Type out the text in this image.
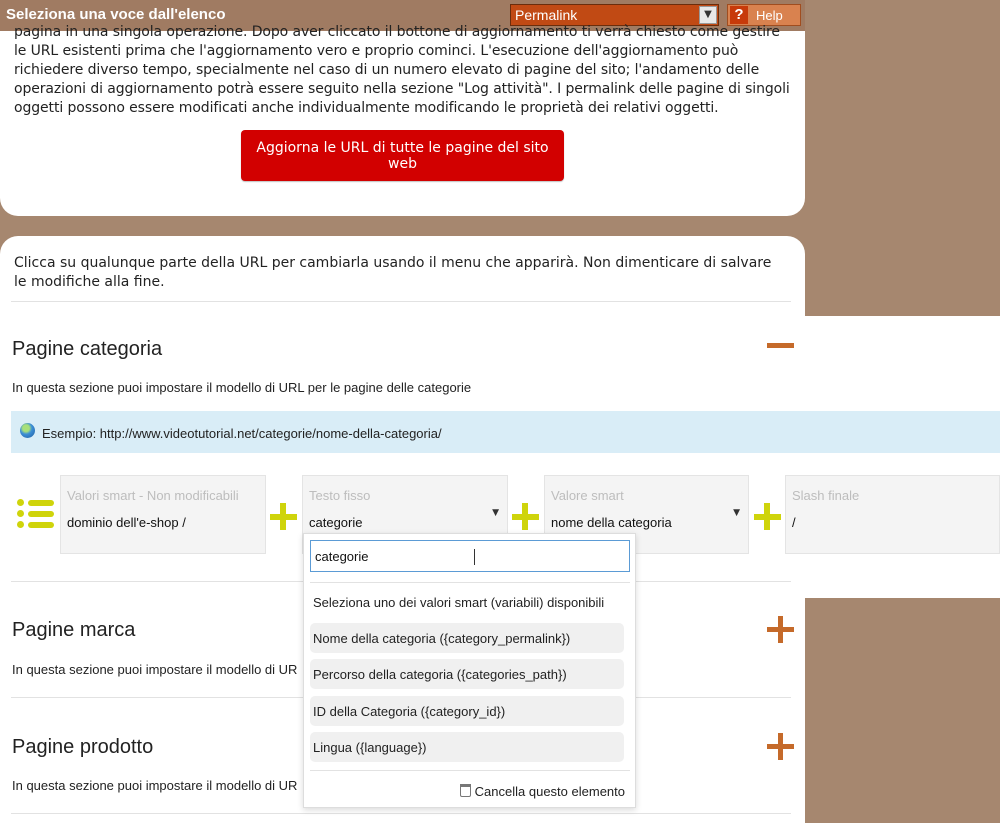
Seleziona una voce dall'elenco	Permalink	▼	? Help
pagina in una singola operazione. Dopo aver cliccato il bottone di aggiornamento ti verrà chiesto come gestire le URL esistenti prima che l'aggiornamento vero e proprio cominci. L'esecuzione dell'aggiornamento può richiedere diverso tempo, specialmente nel caso di un numero elevato di pagine del sito; l'andamento delle operazioni di aggiornamento potrà essere seguito nella sezione "Log attività". I permalink delle pagine di singoli oggetti possono essere modificati anche individualmente modificando le proprietà dei relativi oggetti.
Aggiorna le URL di tutte le pagine del sito web
Clicca su qualunque parte della URL per cambiarla usando il menu che apparirà. Non dimenticare di salvare le modifiche alla fine.
Pagine categoria
In questa sezione puoi impostare il modello di URL per le pagine delle categorie
Esempio: http://www.videotutorial.net/categorie/nome-della-categoria/
Valori smart - Non modificabili
dominio dell'e-shop /
Testo fisso
categorie
▼
Valore smart
nome della categoria
▼
Slash finale
/
Pagine marca
In questa sezione puoi impostare il modello di UR
Pagine prodotto
In questa sezione puoi impostare il modello di UR
categorie
Seleziona uno dei valori smart (variabili) disponibili
Nome della categoria ({category_permalink})
Percorso della categoria ({categories_path})
ID della Categoria ({category_id})
Lingua ({language})
Cancella questo elemento
